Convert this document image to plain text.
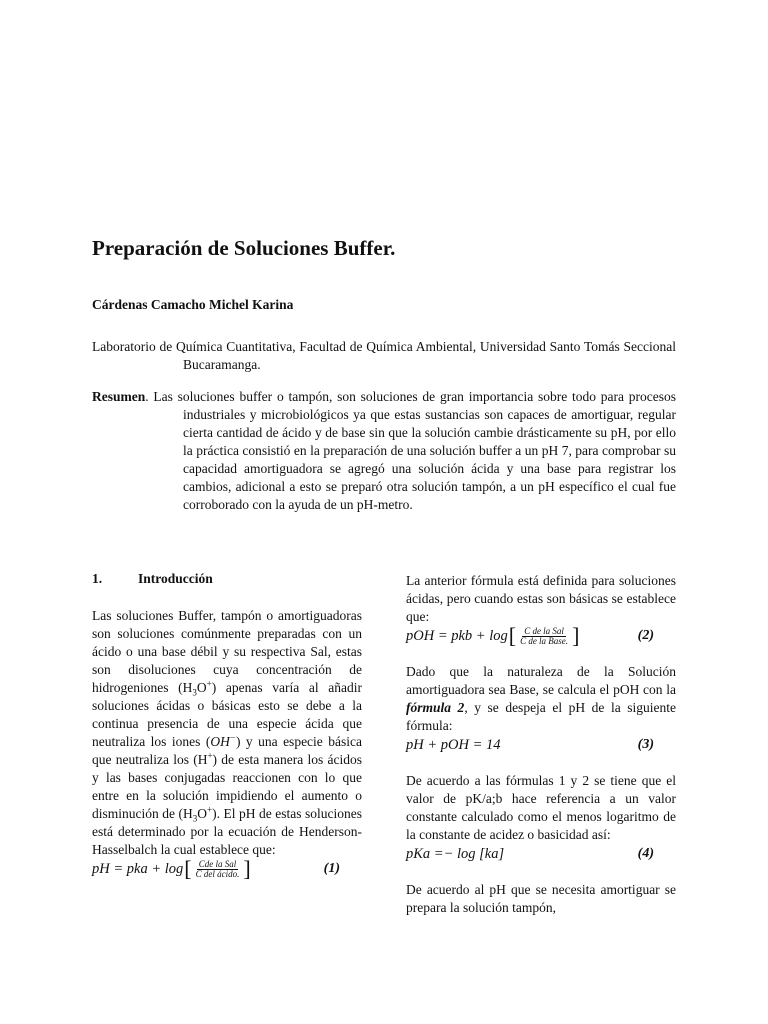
Preparación de Soluciones Buffer.
Cárdenas Camacho Michel Karina
Laboratorio de Química Cuantitativa, Facultad de Química Ambiental, Universidad Santo Tomás Seccional Bucaramanga.
Resumen. Las soluciones buffer o tampón, son soluciones de gran importancia sobre todo para procesos industriales y microbiológicos ya que estas sustancias son capaces de amortiguar, regular cierta cantidad de ácido y de base sin que la solución cambie drásticamente su pH, por ello la práctica consistió en la preparación de una solución buffer a un pH 7, para comprobar su capacidad amortiguadora se agregó una solución ácida y una base para registrar los cambios, adicional a esto se preparó otra solución tampón, a un pH específico el cual fue corroborado con la ayuda de un pH-metro.

1.	Introducción

Las soluciones Buffer, tampón o amortiguadoras son soluciones comúnmente preparadas con un ácido o una base débil y su respectiva Sal, estas son disoluciones cuya concentración de hidrogeniones $(H_3O^+)$ apenas varía al añadir soluciones ácidas o básicas esto se debe a la continua presencia de una especie ácida que neutraliza los iones (OH−) y una especie básica que neutraliza los (H+) de esta manera los ácidos y las bases conjugadas reaccionen con lo que entre en la solución impidiendo el aumento o disminución de $(H_3O^+)$. El pH de estas soluciones está determinado por la ecuación de Henderson-Hasselbalch la cual establece que:

pH = pka + log [ $\frac{\text{Cde la Sal}}{\text{C del ácido.}}$ ]	(1)

La anterior fórmula está definida para soluciones ácidas, pero cuando estas son básicas se establece que:

pOH = pkb + log [ $\frac{\text{C de la Sal}}{\text{C de la Base.}}$ ]	(2)

Dado que la naturaleza de la Solución amortiguadora sea Base, se calcula el pOH con la fórmula 2, y se despeja el pH de la siguiente fórmula:

pH + pOH = 14	(3)

De acuerdo a las fórmulas 1 y 2 se tiene que el valor de pK/a;b hace referencia a un valor constante calculado como el menos logaritmo de la constante de acidez o basicidad así:

pKa =− log [ka]	(4)

De acuerdo al pH que se necesita amortiguar se prepara la solución tampón,
